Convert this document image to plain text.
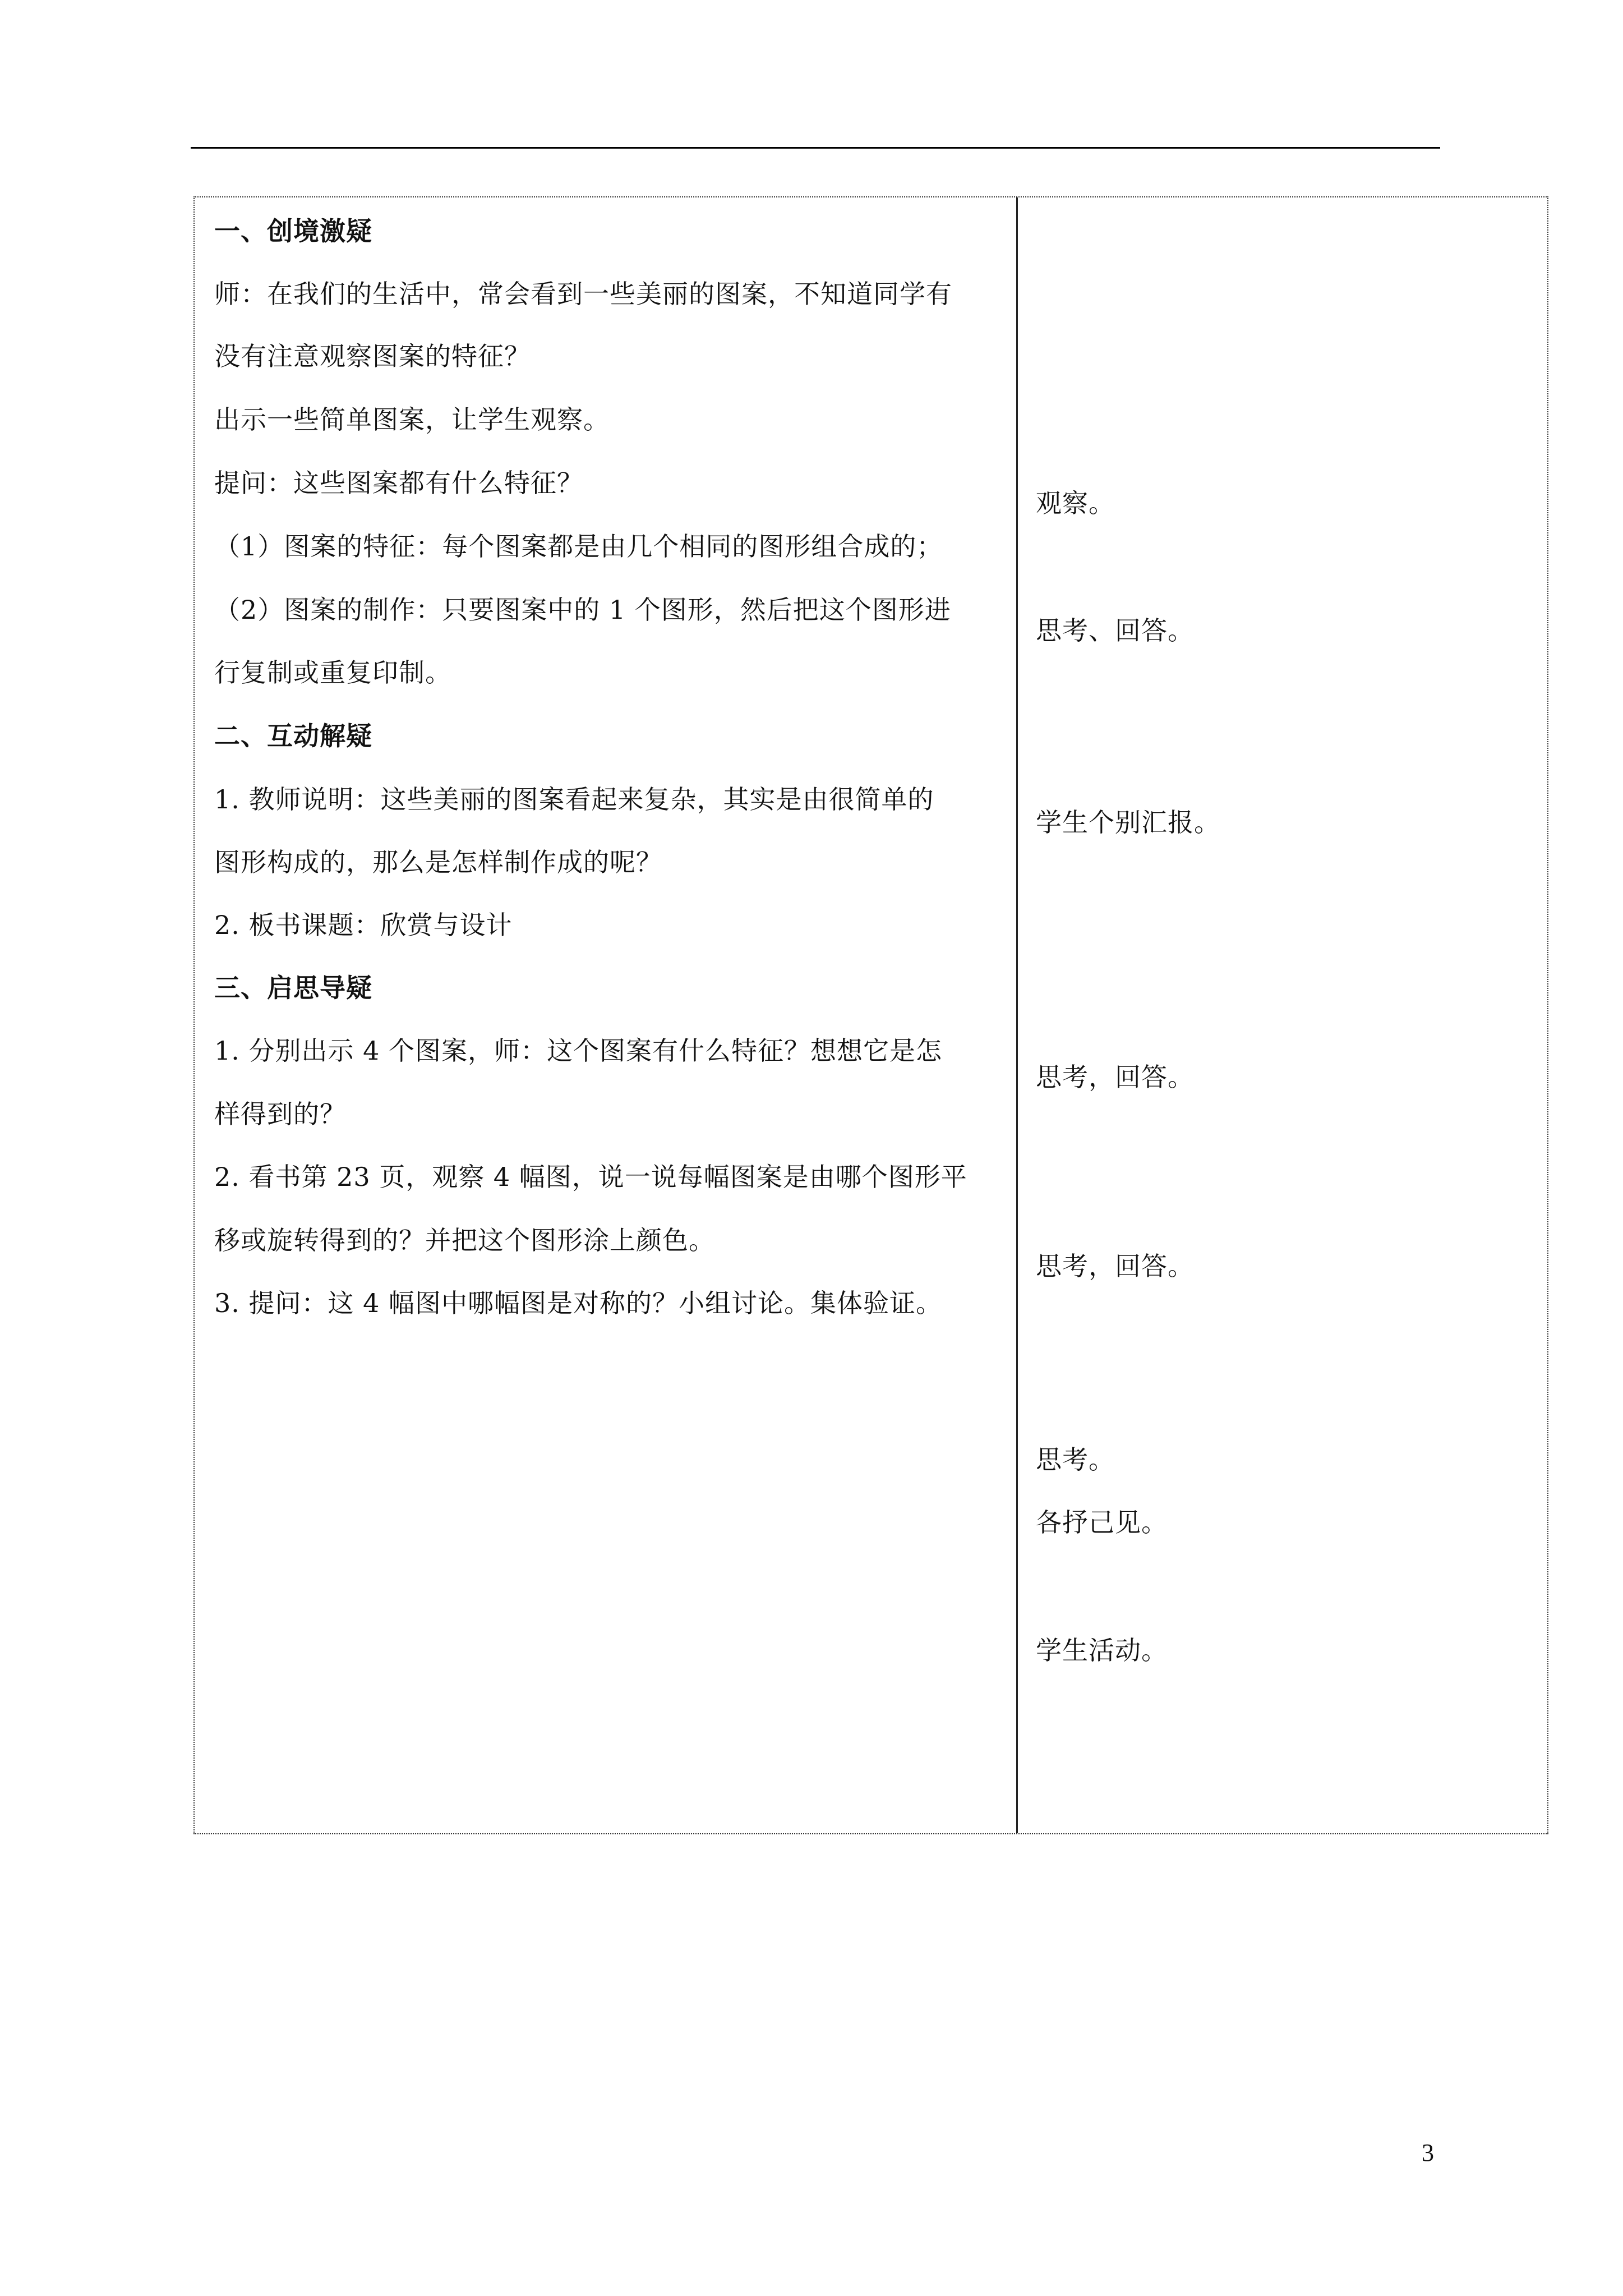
一、创境激疑
师：在我们的生活中，常会看到一些美丽的图案，不知道同学有
没有注意观察图案的特征？
出示一些简单图案，让学生观察。
提问：这些图案都有什么特征？
（1）图案的特征：每个图案都是由几个相同的图形组合成的；
（2）图案的制作：只要图案中的 1 个图形，然后把这个图形进
行复制或重复印制。
二、互动解疑
1. 教师说明：这些美丽的图案看起来复杂，其实是由很简单的
图形构成的，那么是怎样制作成的呢？
2. 板书课题：欣赏与设计
三、启思导疑
1. 分别出示 4 个图案，师：这个图案有什么特征？想想它是怎
样得到的？
2. 看书第 23 页，观察 4 幅图，说一说每幅图案是由哪个图形平
移或旋转得到的？并把这个图形涂上颜色。
3. 提问：这 4 幅图中哪幅图是对称的？小组讨论。集体验证。
观察。
思考、回答。
学生个别汇报。
思考，回答。
思考，回答。
思考。
各抒己见。
学生活动。
3
